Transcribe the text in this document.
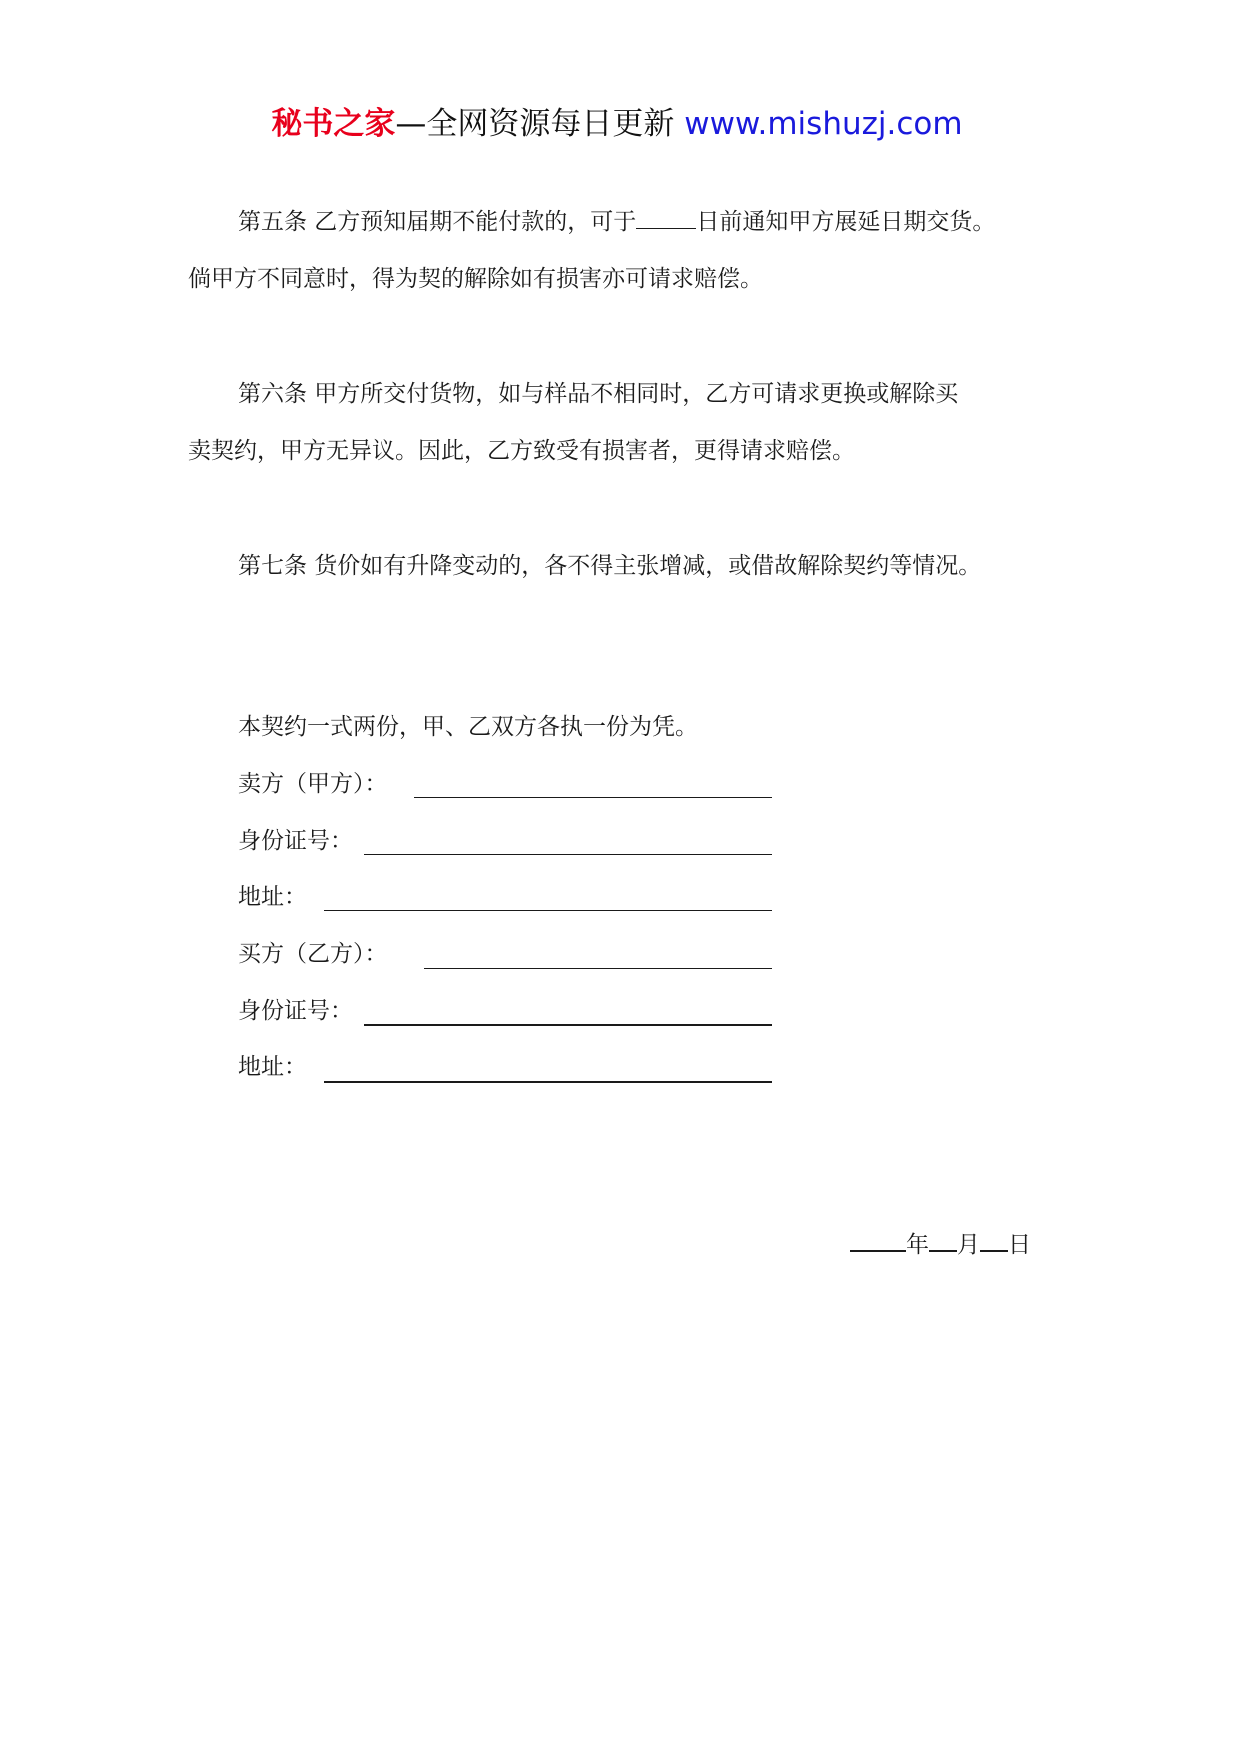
秘书之家—全网资源每日更新 www.mishuzj.com
第五条 乙方预知届期不能付款的，可于	日前通知甲方展延日期交货。
倘甲方不同意时，得为契的解除如有损害亦可请求赔偿。
第六条 甲方所交付货物，如与样品不相同时，乙方可请求更换或解除买
卖契约，甲方无异议。因此，乙方致受有损害者，更得请求赔偿。
第七条 货价如有升降变动的，各不得主张增减，或借故解除契约等情况。
本契约一式两份，甲、乙双方各执一份为凭。
卖方（甲方）：
身份证号：
地址：
买方（乙方）：
身份证号：
地址：
年 月 日
